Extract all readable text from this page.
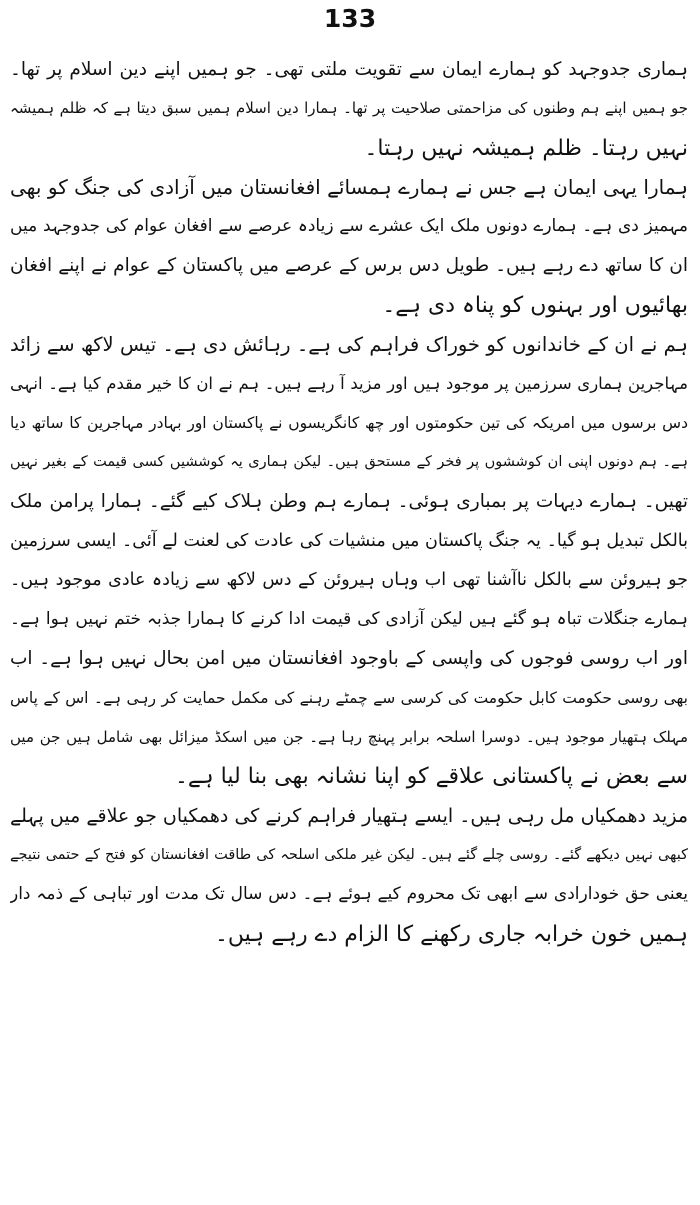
133
ہماری جدوجہد کو ہمارے ایمان سے تقویت ملتی تھی۔ جو ہمیں اپنے دین اسلام پر تھا۔
جو ہمیں اپنے ہم وطنوں کی مزاحمتی صلاحیت پر تھا۔ ہمارا دین اسلام ہمیں سبق دیتا ہے کہ ظلم ہمیشہ
نہیں رہتا۔ ظلم ہمیشہ نہیں رہتا۔
ہمارا یہی ایمان ہے جس نے ہمارے ہمسائے افغانستان میں آزادی کی جنگ کو بھی
مہمیز دی ہے۔ ہمارے دونوں ملک ایک عشرے سے زیادہ عرصے سے افغان عوام کی جدوجہد میں
ان کا ساتھ دے رہے ہیں۔ طویل دس برس کے عرصے میں پاکستان کے عوام نے اپنے افغان
بھائیوں اور بہنوں کو پناہ دی ہے۔
ہم نے ان کے خاندانوں کو خوراک فراہم کی ہے۔ رہائش دی ہے۔ تیس لاکھ سے زائد
مہاجرین ہماری سرزمین پر موجود ہیں اور مزید آ رہے ہیں۔ ہم نے ان کا خیر مقدم کیا ہے۔ انہی
دس برسوں میں امریکہ کی تین حکومتوں اور چھ کانگریسوں نے پاکستان اور بہادر مہاجرین کا ساتھ دیا
ہے۔ ہم دونوں اپنی ان کوششوں پر فخر کے مستحق ہیں۔ لیکن ہماری یہ کوششیں کسی قیمت کے بغیر نہیں
تھیں۔ ہمارے دیہات پر بمباری ہوئی۔ ہمارے ہم وطن ہلاک کیے گئے۔ ہمارا پرامن ملک
بالکل تبدیل ہو گیا۔ یہ جنگ پاکستان میں منشیات کی عادت کی لعنت لے آئی۔ ایسی سرزمین
جو ہیروئن سے بالکل ناآشنا تھی اب وہاں ہیروئن کے دس لاکھ سے زیادہ عادی موجود ہیں۔
ہمارے جنگلات تباہ ہو گئے ہیں لیکن آزادی کی قیمت ادا کرنے کا ہمارا جذبہ ختم نہیں ہوا ہے۔
اور اب روسی فوجوں کی واپسی کے باوجود افغانستان میں امن بحال نہیں ہوا ہے۔ اب
بھی روسی حکومت کابل حکومت کی کرسی سے چمٹے رہنے کی مکمل حمایت کر رہی ہے۔ اس کے پاس
مہلک ہتھیار موجود ہیں۔ دوسرا اسلحہ برابر پہنچ رہا ہے۔ جن میں اسکڈ میزائل بھی شامل ہیں جن میں
سے بعض نے پاکستانی علاقے کو اپنا نشانہ بھی بنا لیا ہے۔
مزید دھمکیاں مل رہی ہیں۔ ایسے ہتھیار فراہم کرنے کی دھمکیاں جو علاقے میں پہلے
کبھی نہیں دیکھے گئے۔ روسی چلے گئے ہیں۔ لیکن غیر ملکی اسلحہ کی طاقت افغانستان کو فتح کے حتمی نتیجے
یعنی حق خودارادی سے ابھی تک محروم کیے ہوئے ہے۔ دس سال تک مدت اور تباہی کے ذمہ دار
ہمیں خون خرابہ جاری رکھنے کا الزام دے رہے ہیں۔
